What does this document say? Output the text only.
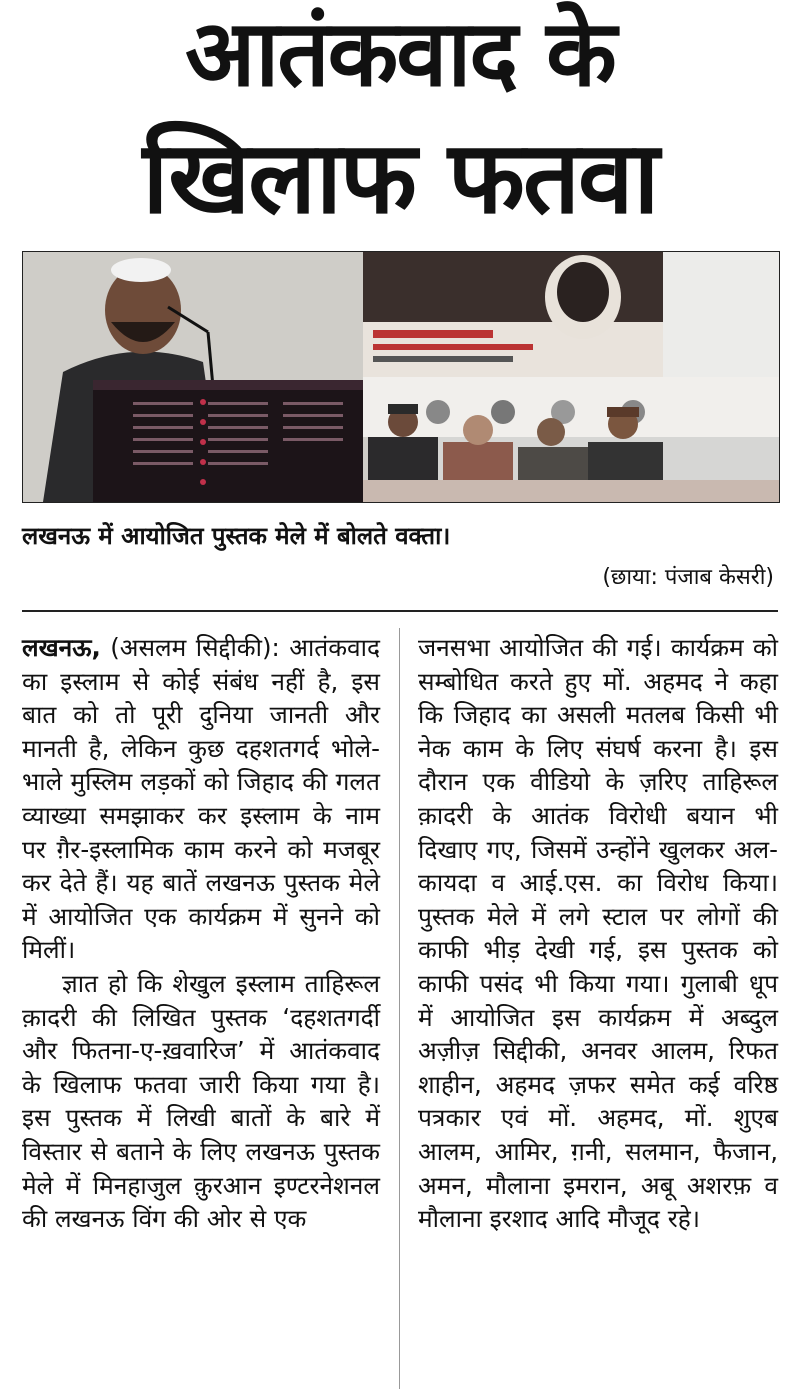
आतंकवाद के
खिलाफ फतवा
लखनऊ में आयोजित पुस्तक मेले में बोलते वक्ता।
(छाया: पंजाब केसरी)

लखनऊ, (असलम सिद्दीकी): आतंकवाद का इस्लाम से कोई संबंध नहीं है, इस बात को तो पूरी दुनिया जानती और मानती है, लेकिन कुछ दहशतगर्द भोले-भाले मुस्लिम लड़कों को जिहाद की गलत व्याख्या समझाकर कर इस्लाम के नाम पर ग़ैर-इस्लामिक काम करने को मजबूर कर देते हैं। यह बातें लखनऊ पुस्तक मेले में आयोजित एक कार्यक्रम में सुनने को मिलीं।

ज्ञात हो कि शेखुल इस्लाम ताहिरूल क़ादरी की लिखित पुस्तक ‘दहशतगर्दी और फितना-ए-ख़वारिज’ में आतंकवाद के खिलाफ फतवा जारी किया गया है। इस पुस्तक में लिखी बातों के बारे में विस्तार से बताने के लिए लखनऊ पुस्तक मेले में मिनहाजुल क़ुरआन इण्टरनेशनल की लखनऊ विंग की ओर से एक

जनसभा आयोजित की गई। कार्यक्रम को सम्बोधित करते हुए मों. अहमद ने कहा कि जिहाद का असली मतलब किसी भी नेक काम के लिए संघर्ष करना है। इस दौरान एक वीडियो के ज़रिए ताहिरूल क़ादरी के आतंक विरोधी बयान भी दिखाए गए, जिसमें उन्होंने खुलकर अल-कायदा व आई.एस. का विरोध किया। पुस्तक मेले में लगे स्टाल पर लोगों की काफी भीड़ देखी गई, इस पुस्तक को काफी पसंद भी किया गया। गुलाबी धूप में आयोजित इस कार्यक्रम में अब्दुल अज़ीज़ सिद्दीकी, अनवर आलम, रिफत शाहीन, अहमद ज़फर समेत कई वरिष्ठ पत्रकार एवं मों. अहमद, मों. शुएब आलम, आमिर, ग़नी, सलमान, फैजान, अमन, मौलाना इमरान, अबू अशरफ़ व मौलाना इरशाद आदि मौजूद रहे।
